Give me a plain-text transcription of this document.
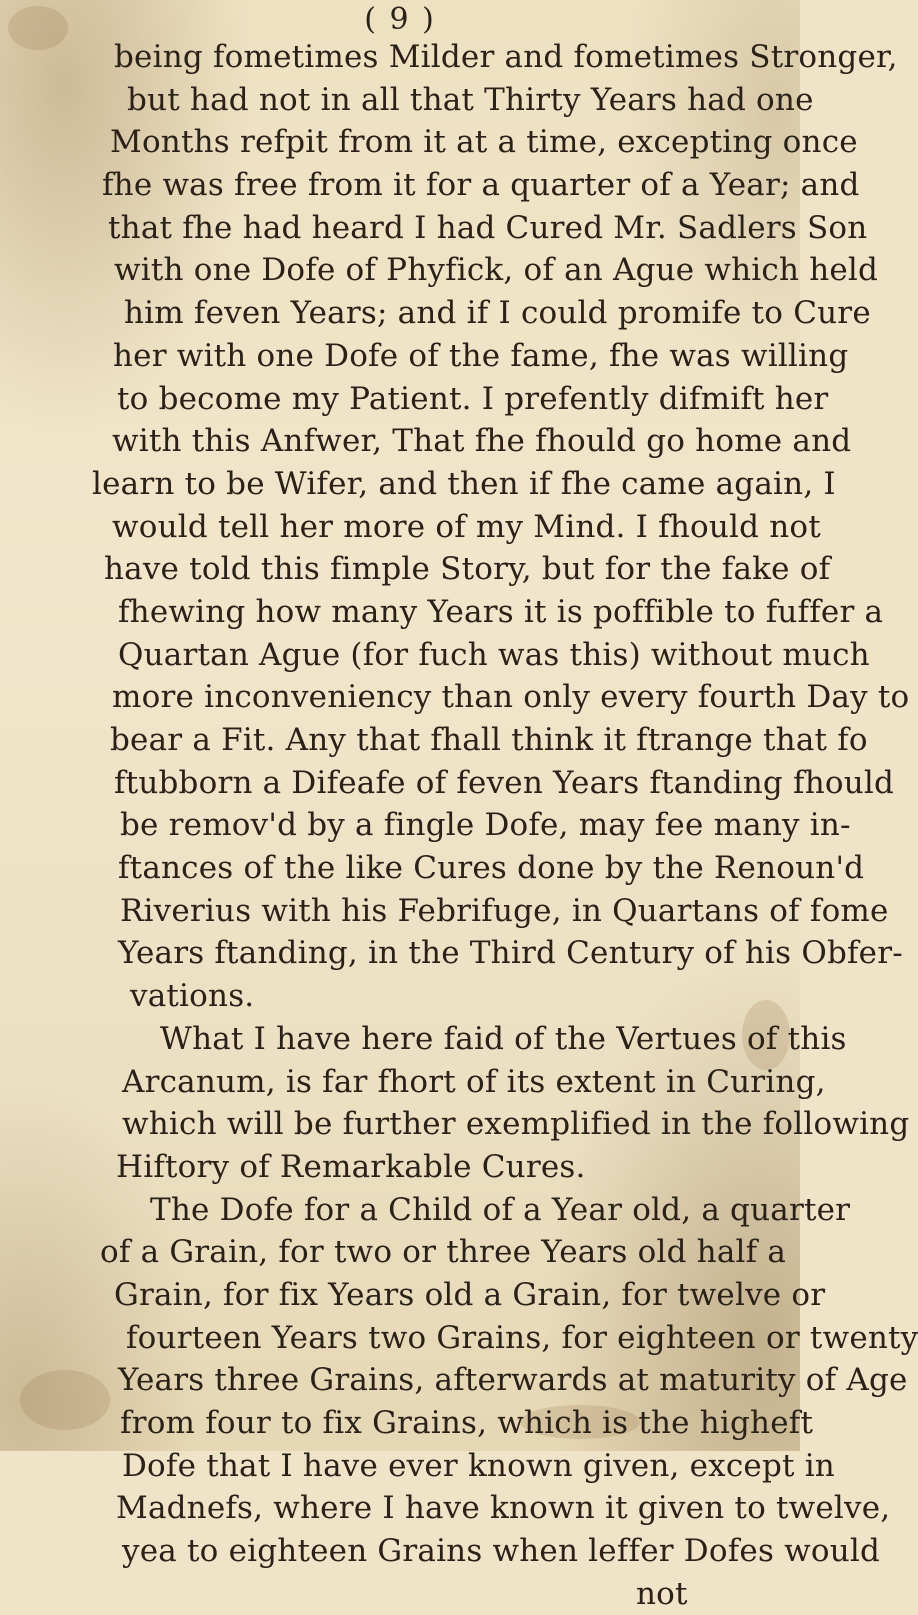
( 9 )
being fometimes Milder and fometimes Stronger,
but had not in all that Thirty Years had one
Months refpit from it at a time, excepting once
fhe was free from it for a quarter of a Year; and
that fhe had heard I had Cured Mr. Sadlers Son
with one Dofe of Phyfick, of an Ague which held
him feven Years; and if I could promife to Cure
her with one Dofe of the fame, fhe was willing
to become my Patient. I prefently difmift her
with this Anfwer, That fhe fhould go home and
learn to be Wifer, and then if fhe came again, I
would tell her more of my Mind. I fhould not
have told this fimple Story, but for the fake of
fhewing how many Years it is poffible to fuffer a
Quartan Ague (for fuch was this) without much
more inconveniency than only every fourth Day to
bear a Fit. Any that fhall think it ftrange that fo
ftubborn a Difeafe of feven Years ftanding fhould
be remov'd by a fingle Dofe, may fee many in-
ftances of the like Cures done by the Renoun'd
Riverius with his Febrifuge, in Quartans of fome
Years ftanding, in the Third Century of his Obfer-
vations.
What I have here faid of the Vertues of this
Arcanum, is far fhort of its extent in Curing,
which will be further exemplified in the following
Hiftory of Remarkable Cures.
The Dofe for a Child of a Year old, a quarter
of a Grain, for two or three Years old half a
Grain, for fix Years old a Grain, for twelve or
fourteen Years two Grains, for eighteen or twenty
Years three Grains, afterwards at maturity of Age
from four to fix Grains, which is the higheft
Dofe that I have ever known given, except in
Madnefs, where I have known it given to twelve,
yea to eighteen Grains when leffer Dofes would
not
